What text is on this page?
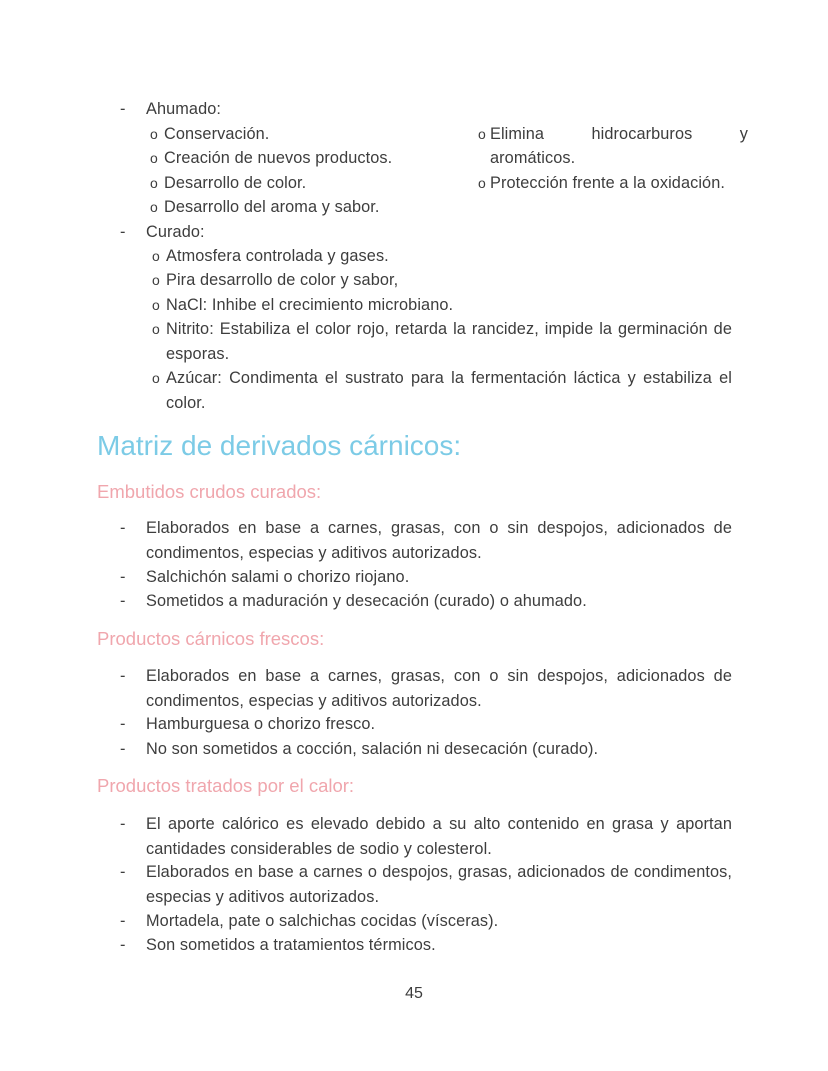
-	Ahumado:
o Conservación.
o Creación de nuevos productos.
o Desarrollo de color.
o Desarrollo del aroma y sabor.
o Elimina hidrocarburos y
aromáticos.
o Protección frente a la oxidación.
-	Curado:
o Atmosfera controlada y gases.
o Pira desarrollo de color y sabor,
o NaCl: Inhibe el crecimiento microbiano.
o Nitrito: Estabiliza el color rojo, retarda la rancidez, impide la germinación de esporas.
o Azúcar: Condimenta el sustrato para la fermentación láctica y estabiliza el color.
Matriz de derivados cárnicos:
Embutidos crudos curados:
-	Elaborados en base a carnes, grasas, con o sin despojos, adicionados de condimentos, especias y aditivos autorizados.
-	Salchichón salami o chorizo riojano.
-	Sometidos a maduración y desecación (curado) o ahumado.
Productos cárnicos frescos:
-	Elaborados en base a carnes, grasas, con o sin despojos, adicionados de condimentos, especias y aditivos autorizados.
-	Hamburguesa o chorizo fresco.
-	No son sometidos a cocción, salación ni desecación (curado).
Productos tratados por el calor:
-	El aporte calórico es elevado debido a su alto contenido en grasa y aportan cantidades considerables de sodio y colesterol.
-	Elaborados en base a carnes o despojos, grasas, adicionados de condimentos, especias y aditivos autorizados.
-	Mortadela, pate o salchichas cocidas (vísceras).
-	Son sometidos a tratamientos térmicos.
45
